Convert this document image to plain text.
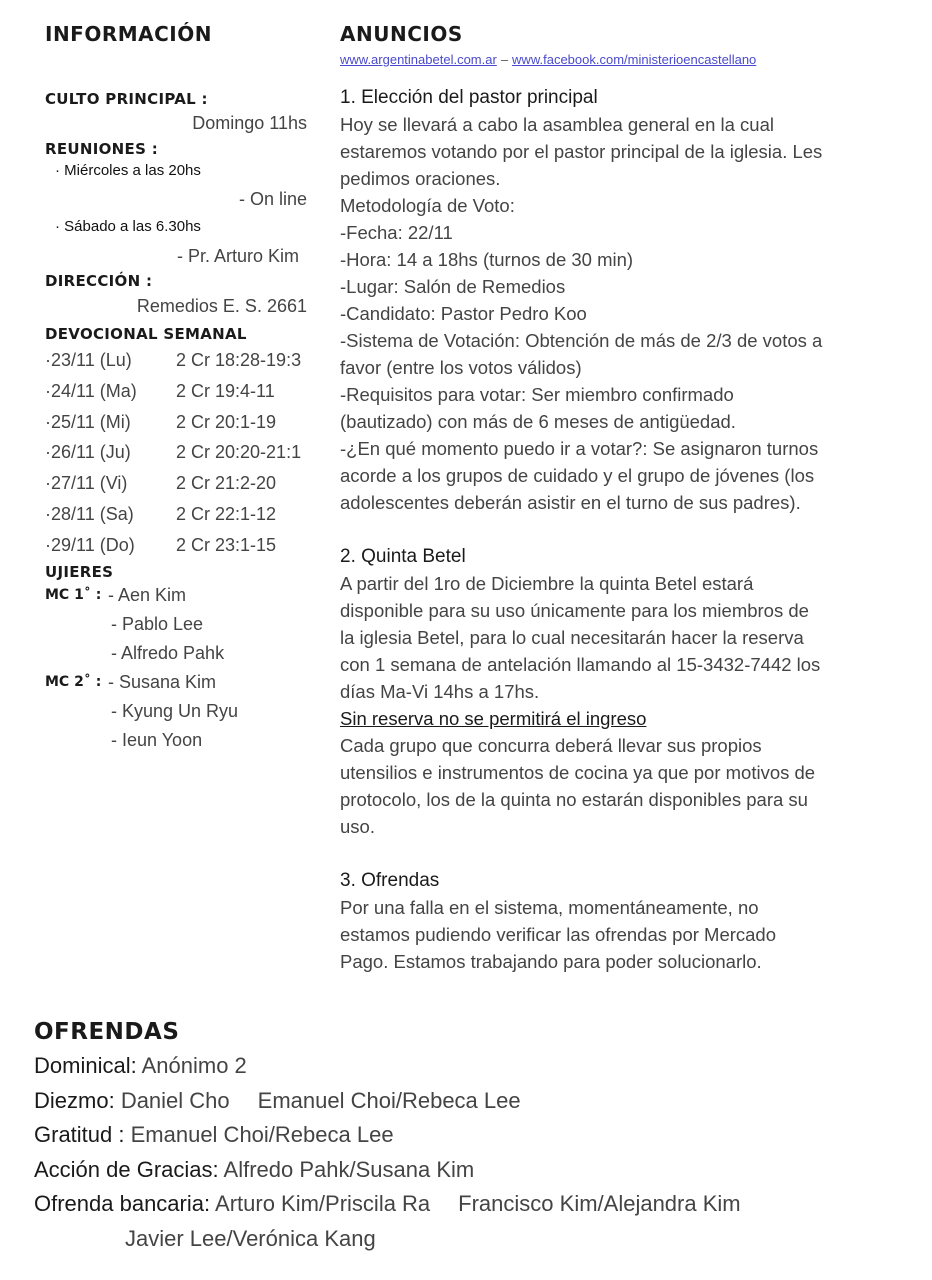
INFORMACIÓN
CULTO PRINCIPAL :
Domingo 11hs
REUNIONES :
· Miércoles a las 20hs
- On line
· Sábado a las 6.30hs
- Pr. Arturo Kim
DIRECCIÓN :
Remedios E. S. 2661
DEVOCIONAL SEMANAL
·23/11 (Lu)	2 Cr 18:28-19:3
·24/11 (Ma)	2 Cr 19:4-11
·25/11 (Mi)	2 Cr 20:1-19
·26/11 (Ju)	2 Cr 20:20-21:1
·27/11 (Vi)	2 Cr 21:2-20
·28/11 (Sa)	2 Cr 22:1-12
·29/11 (Do)	2 Cr 23:1-15
UJIERES
MC 1˚ : - Aen Kim
- Pablo Lee
- Alfredo Pahk
MC 2˚ : - Susana Kim
- Kyung Un Ryu
- Ieun Yoon
ANUNCIOS
www.argentinabetel.com.ar – www.facebook.com/ministerioencastellano
1. Elección del pastor principal
Hoy se llevará a cabo la asamblea general en la cual
estaremos votando por el pastor principal de la iglesia. Les
pedimos oraciones.
Metodología de Voto:
-Fecha: 22/11
-Hora: 14 a 18hs (turnos de 30 min)
-Lugar: Salón de Remedios
-Candidato: Pastor Pedro Koo
-Sistema de Votación: Obtención de más de 2/3 de votos a
favor (entre los votos válidos)
-Requisitos para votar: Ser miembro confirmado
(bautizado) con más de 6 meses de antigüedad.
-¿En qué momento puedo ir a votar?: Se asignaron turnos
acorde a los grupos de cuidado y el grupo de jóvenes (los
adolescentes deberán asistir en el turno de sus padres).
2. Quinta Betel
A partir del 1ro de Diciembre la quinta Betel estará
disponible para su uso únicamente para los miembros de
la iglesia Betel, para lo cual necesitarán hacer la reserva
con 1 semana de antelación llamando al 15-3432-7442 los
días Ma-Vi 14hs a 17hs.
Sin reserva no se permitirá el ingreso
Cada grupo que concurra deberá llevar sus propios
utensilios e instrumentos de cocina ya que por motivos de
protocolo, los de la quinta no estarán disponibles para su
uso.
3. Ofrendas
Por una falla en el sistema, momentáneamente, no
estamos pudiendo verificar las ofrendas por Mercado
Pago. Estamos trabajando para poder solucionarlo.
OFRENDAS
Dominical: Anónimo 2
Diezmo: Daniel Cho Emanuel Choi/Rebeca Lee
Gratitud : Emanuel Choi/Rebeca Lee
Acción de Gracias: Alfredo Pahk/Susana Kim
Ofrenda bancaria: Arturo Kim/Priscila Ra Francisco Kim/Alejandra Kim
Javier Lee/Verónica Kang
